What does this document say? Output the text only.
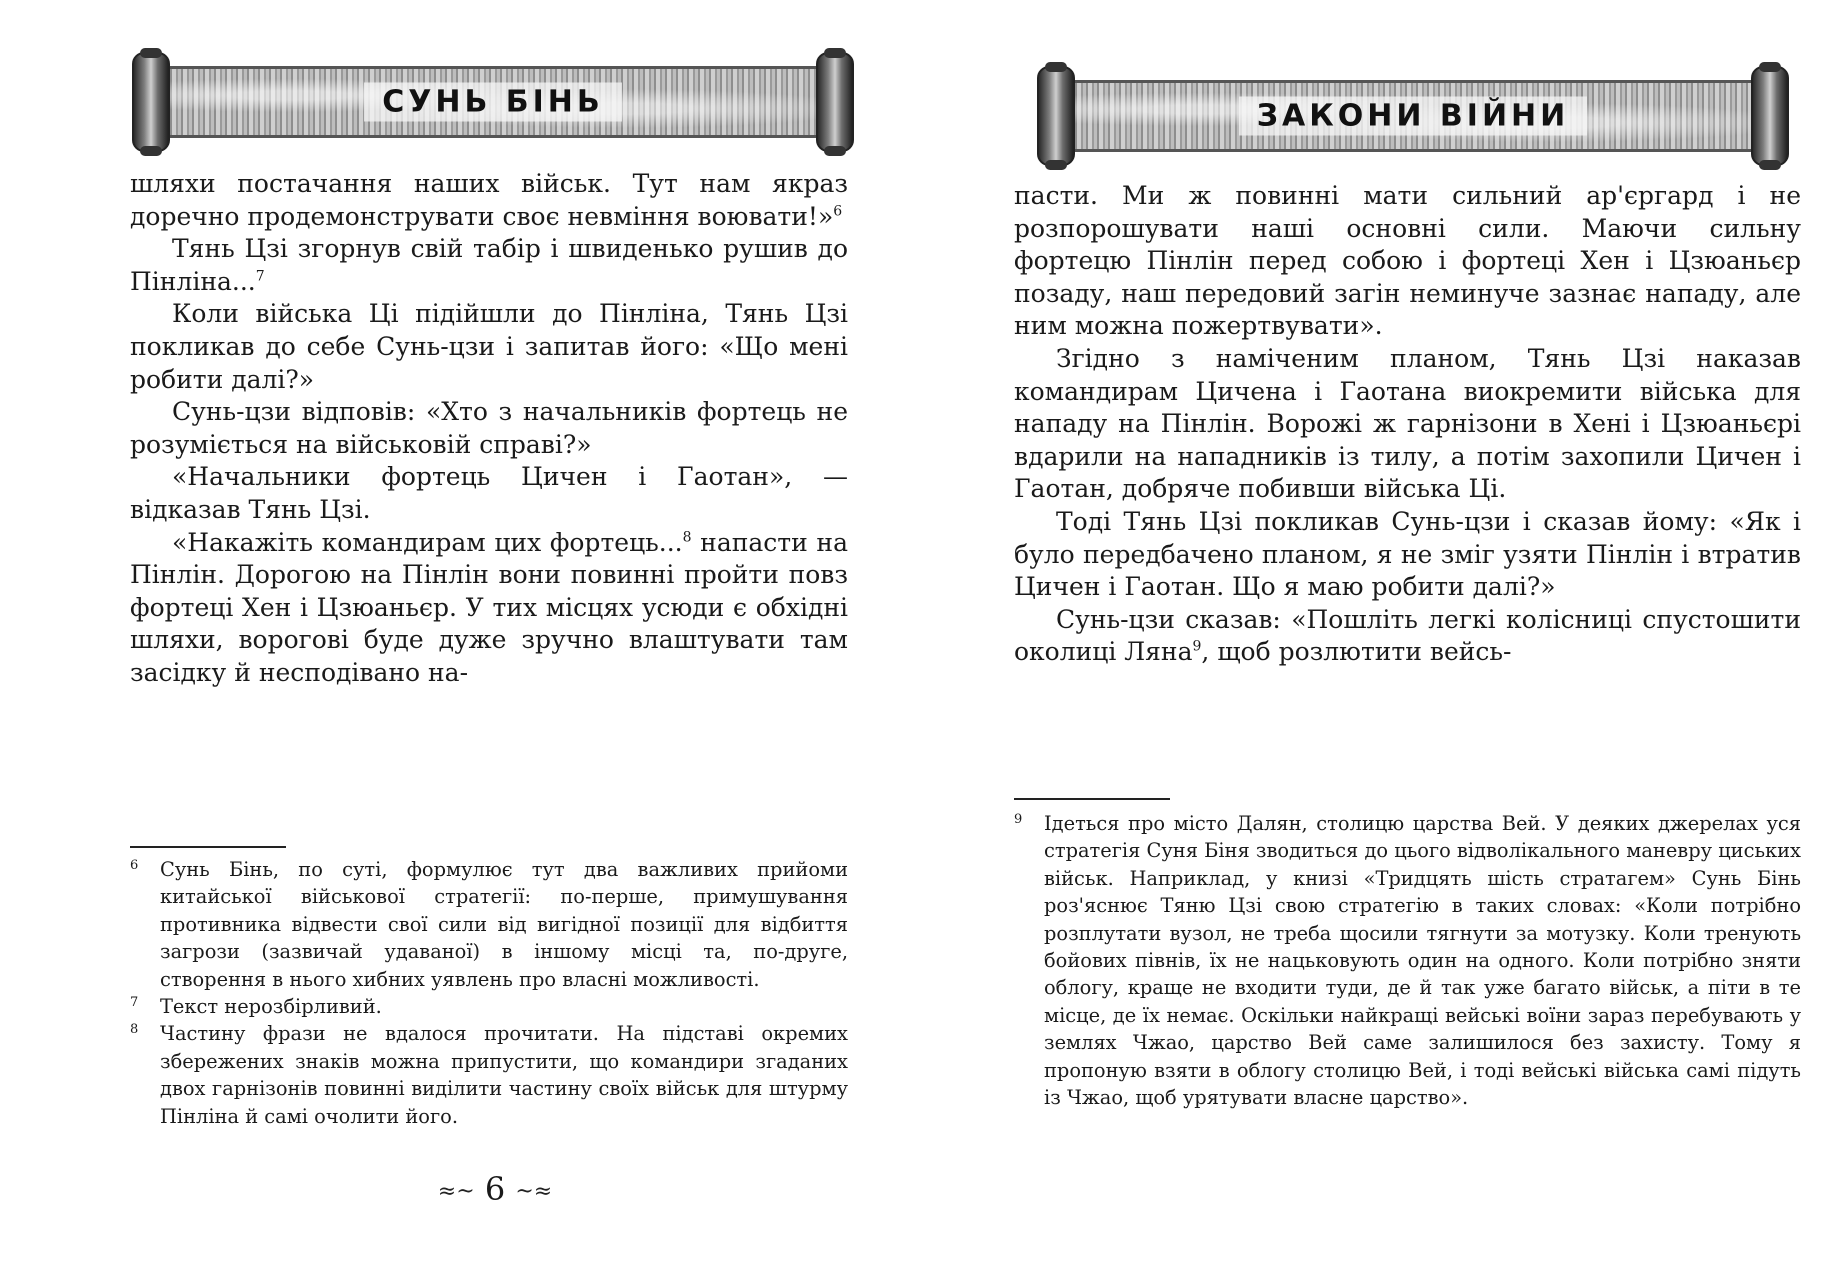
СУНЬ БІНЬ

шляхи постачання наших військ. Тут нам якраз доречно продемонструвати своє невміння воювати!»$^6$

Тянь Цзі згорнув свій табір і швиденько рушив до Пінліна...$^7$

Коли війська Ці підійшли до Пінліна, Тянь Цзі покликав до себе Сунь-цзи і запитав його: «Що мені робити далі?»

Сунь-цзи відповів: «Хто з начальників фортець не розуміється на військовій справі?»

«Начальники фортець Цичен і Гаотан», — відказав Тянь Цзі.

«Накажіть командирам цих фортець...$^8$ напасти на Пінлін. Дорогою на Пінлін вони повинні пройти повз фортеці Хен і Цзюаньєр. У тих місцях усюди є обхідні шляхи, ворогові буде дуже зручно влаштувати там засідку й несподівано на-

6 Сунь Бінь, по суті, формулює тут два важливих прийоми китайської військової стратегії: по-перше, примушування противника відвести свої сили від вигідної позиції для відбиття загрози (зазвичай удаваної) в іншому місці та, по-друге, створення в нього хибних уявлень про власні можливості.

7 Текст нерозбірливий.

8 Частину фрази не вдалося прочитати. На підставі окремих збережених знаків можна припустити, що командири згаданих двох гарнізонів повинні виділити частину своїх військ для штурму Пінліна й самі очолити його.

≈~ 6 ~≈
ЗАКОНИ ВІЙНИ

пасти. Ми ж повинні мати сильний ар'єргард і не розпорошувати наші основні сили. Маючи сильну фортецю Пінлін перед собою і фортеці Хен і Цзюаньєр позаду, наш передовий загін неминуче зазнає нападу, але ним можна пожертвувати».

Згідно з наміченим планом, Тянь Цзі наказав командирам Цичена і Гаотана виокремити війська для нападу на Пінлін. Ворожі ж гарнізони в Хені і Цзюаньєрі вдарили на нападників із тилу, а потім захопили Цичен і Гаотан, добряче побивши війська Ці.

Тоді Тянь Цзі покликав Сунь-цзи і сказав йому: «Як і було передбачено планом, я не зміг узяти Пінлін і втратив Цичен і Гаотан. Що я маю робити далі?»

Сунь-цзи сказав: «Пошліть легкі колісниці спустошити околиці Ляна$^9$, щоб розлютити вейсь-

9 Ідеться про місто Далян, столицю царства Вей. У деяких джерелах уся стратегія Суня Біня зводиться до цього відволікального маневру циських військ. Наприклад, у книзі «Тридцять шість стратагем» Сунь Бінь роз'яснює Тяню Цзі свою стратегію в таких словах: «Коли потрібно розплутати вузол, не треба щосили тягнути за мотузку. Коли тренують бойових півнів, їх не нацьковують один на одного. Коли потрібно зняти облогу, краще не входити туди, де й так уже багато військ, а піти в те місце, де їх немає. Оскільки найкращі вейські воїни зараз перебувають у землях Чжао, царство Вей саме залишилося без захисту. Тому я пропоную взяти в облогу столицю Вей, і тоді вейські війська самі підуть із Чжао, щоб урятувати власне царство».
